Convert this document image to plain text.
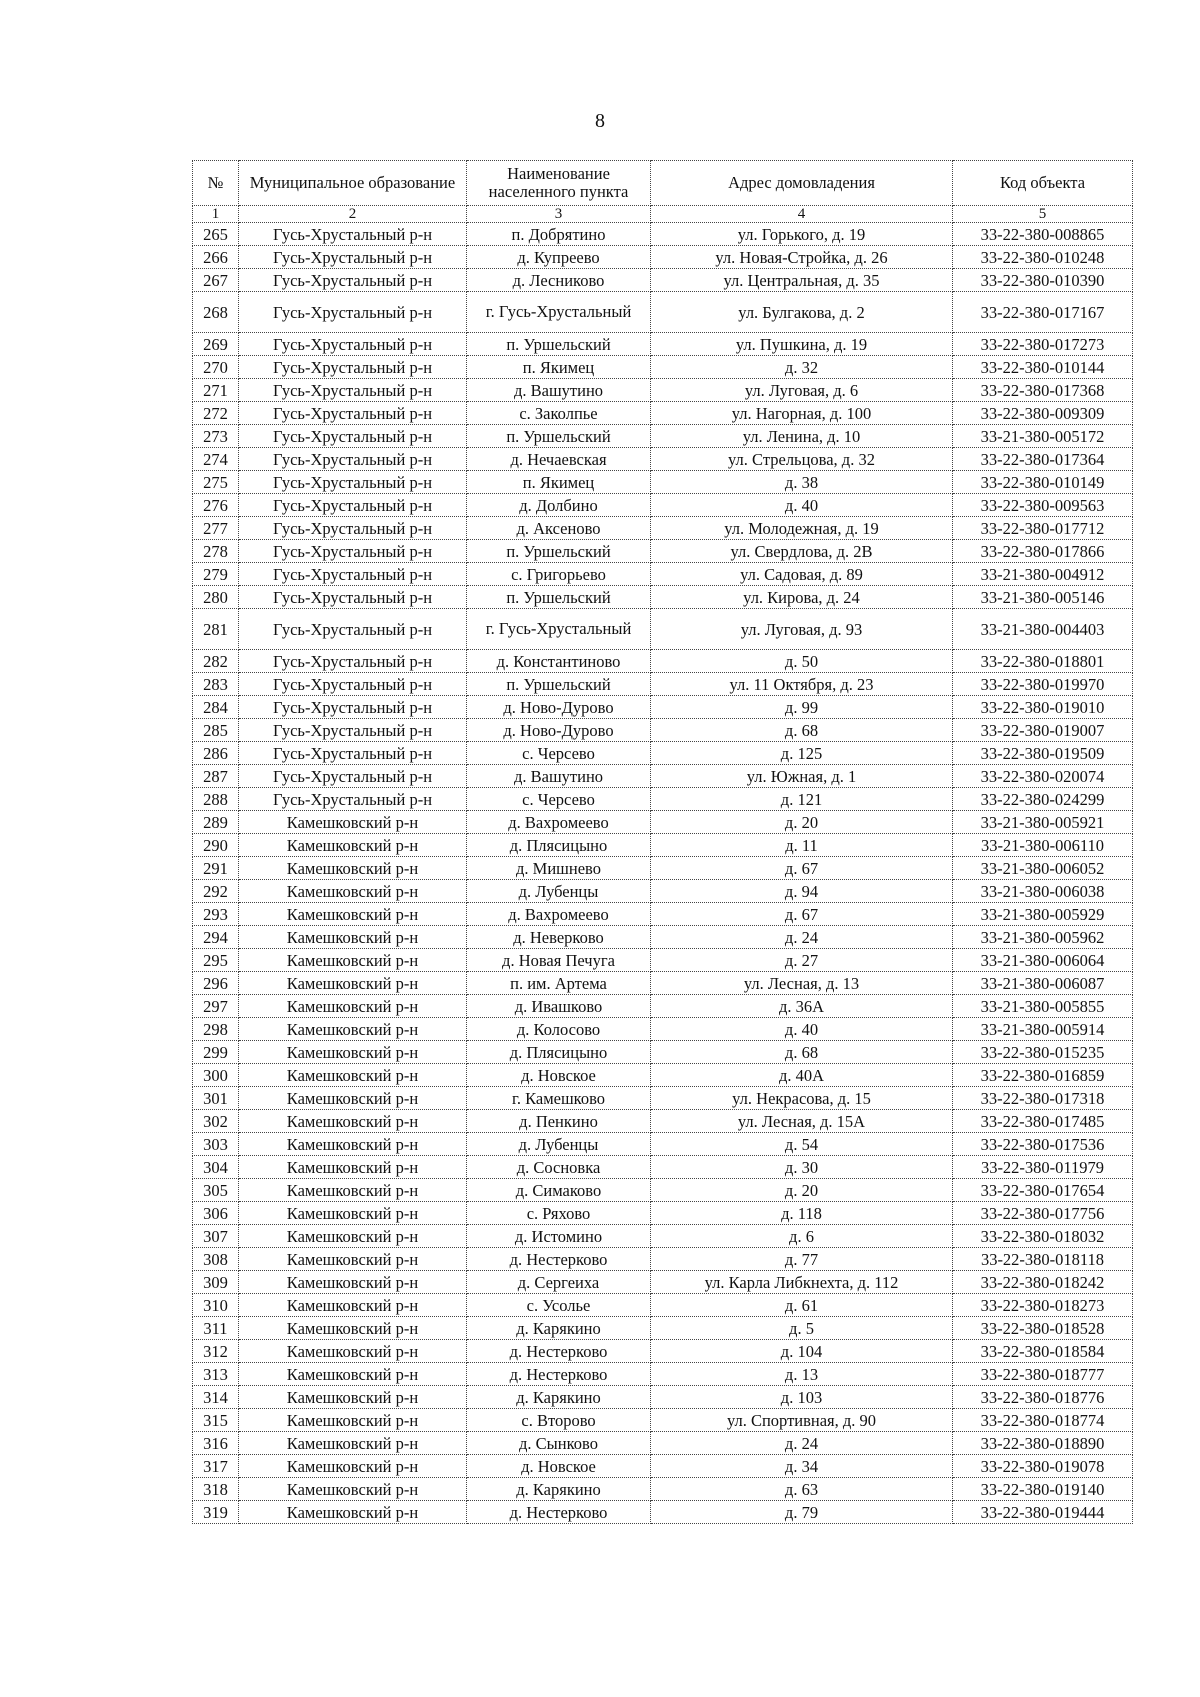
8
№	Муниципальное образование	Наименование населенного пункта	Адрес домовладения	Код объекта
1	2	3	4	5
265	Гусь-Хрустальный р-н	п. Добрятино	ул. Горького, д. 19	33-22-380-008865
266	Гусь-Хрустальный р-н	д. Купреево	ул. Новая-Стройка, д. 26	33-22-380-010248
267	Гусь-Хрустальный р-н	д. Лесниково	ул. Центральная, д. 35	33-22-380-010390
268	Гусь-Хрустальный р-н	г. Гусь-Хрустальный	ул. Булгакова, д. 2	33-22-380-017167
269	Гусь-Хрустальный р-н	п. Уршельский	ул. Пушкина, д. 19	33-22-380-017273
270	Гусь-Хрустальный р-н	п. Якимец	д. 32	33-22-380-010144
271	Гусь-Хрустальный р-н	д. Вашутино	ул. Луговая, д. 6	33-22-380-017368
272	Гусь-Хрустальный р-н	с. Заколпье	ул. Нагорная, д. 100	33-22-380-009309
273	Гусь-Хрустальный р-н	п. Уршельский	ул. Ленина, д. 10	33-21-380-005172
274	Гусь-Хрустальный р-н	д. Нечаевская	ул. Стрельцова, д. 32	33-22-380-017364
275	Гусь-Хрустальный р-н	п. Якимец	д. 38	33-22-380-010149
276	Гусь-Хрустальный р-н	д. Долбино	д. 40	33-22-380-009563
277	Гусь-Хрустальный р-н	д. Аксеново	ул. Молодежная, д. 19	33-22-380-017712
278	Гусь-Хрустальный р-н	п. Уршельский	ул. Свердлова, д. 2В	33-22-380-017866
279	Гусь-Хрустальный р-н	с. Григорьево	ул. Садовая, д. 89	33-21-380-004912
280	Гусь-Хрустальный р-н	п. Уршельский	ул. Кирова, д. 24	33-21-380-005146
281	Гусь-Хрустальный р-н	г. Гусь-Хрустальный	ул. Луговая, д. 93	33-21-380-004403
282	Гусь-Хрустальный р-н	д. Константиново	д. 50	33-22-380-018801
283	Гусь-Хрустальный р-н	п. Уршельский	ул. 11 Октября, д. 23	33-22-380-019970
284	Гусь-Хрустальный р-н	д. Ново-Дурово	д. 99	33-22-380-019010
285	Гусь-Хрустальный р-н	д. Ново-Дурово	д. 68	33-22-380-019007
286	Гусь-Хрустальный р-н	с. Черсево	д. 125	33-22-380-019509
287	Гусь-Хрустальный р-н	д. Вашутино	ул. Южная, д. 1	33-22-380-020074
288	Гусь-Хрустальный р-н	с. Черсево	д. 121	33-22-380-024299
289	Камешковский р-н	д. Вахромеево	д. 20	33-21-380-005921
290	Камешковский р-н	д. Плясицыно	д. 11	33-21-380-006110
291	Камешковский р-н	д. Мишнево	д. 67	33-21-380-006052
292	Камешковский р-н	д. Лубенцы	д. 94	33-21-380-006038
293	Камешковский р-н	д. Вахромеево	д. 67	33-21-380-005929
294	Камешковский р-н	д. Неверково	д. 24	33-21-380-005962
295	Камешковский р-н	д. Новая Печуга	д. 27	33-21-380-006064
296	Камешковский р-н	п. им. Артема	ул. Лесная, д. 13	33-21-380-006087
297	Камешковский р-н	д. Ивашково	д. 36А	33-21-380-005855
298	Камешковский р-н	д. Колосово	д. 40	33-21-380-005914
299	Камешковский р-н	д. Плясицыно	д. 68	33-22-380-015235
300	Камешковский р-н	д. Новское	д. 40А	33-22-380-016859
301	Камешковский р-н	г. Камешково	ул. Некрасова, д. 15	33-22-380-017318
302	Камешковский р-н	д. Пенкино	ул. Лесная, д. 15А	33-22-380-017485
303	Камешковский р-н	д. Лубенцы	д. 54	33-22-380-017536
304	Камешковский р-н	д. Сосновка	д. 30	33-22-380-011979
305	Камешковский р-н	д. Симаково	д. 20	33-22-380-017654
306	Камешковский р-н	с. Ряхово	д. 118	33-22-380-017756
307	Камешковский р-н	д. Истомино	д. 6	33-22-380-018032
308	Камешковский р-н	д. Нестерково	д. 77	33-22-380-018118
309	Камешковский р-н	д. Сергеиха	ул. Карла Либкнехта, д. 112	33-22-380-018242
310	Камешковский р-н	с. Усолье	д. 61	33-22-380-018273
311	Камешковский р-н	д. Карякино	д. 5	33-22-380-018528
312	Камешковский р-н	д. Нестерково	д. 104	33-22-380-018584
313	Камешковский р-н	д. Нестерково	д. 13	33-22-380-018777
314	Камешковский р-н	д. Карякино	д. 103	33-22-380-018776
315	Камешковский р-н	с. Второво	ул. Спортивная, д. 90	33-22-380-018774
316	Камешковский р-н	д. Сынково	д. 24	33-22-380-018890
317	Камешковский р-н	д. Новское	д. 34	33-22-380-019078
318	Камешковский р-н	д. Карякино	д. 63	33-22-380-019140
319	Камешковский р-н	д. Нестерково	д. 79	33-22-380-019444
